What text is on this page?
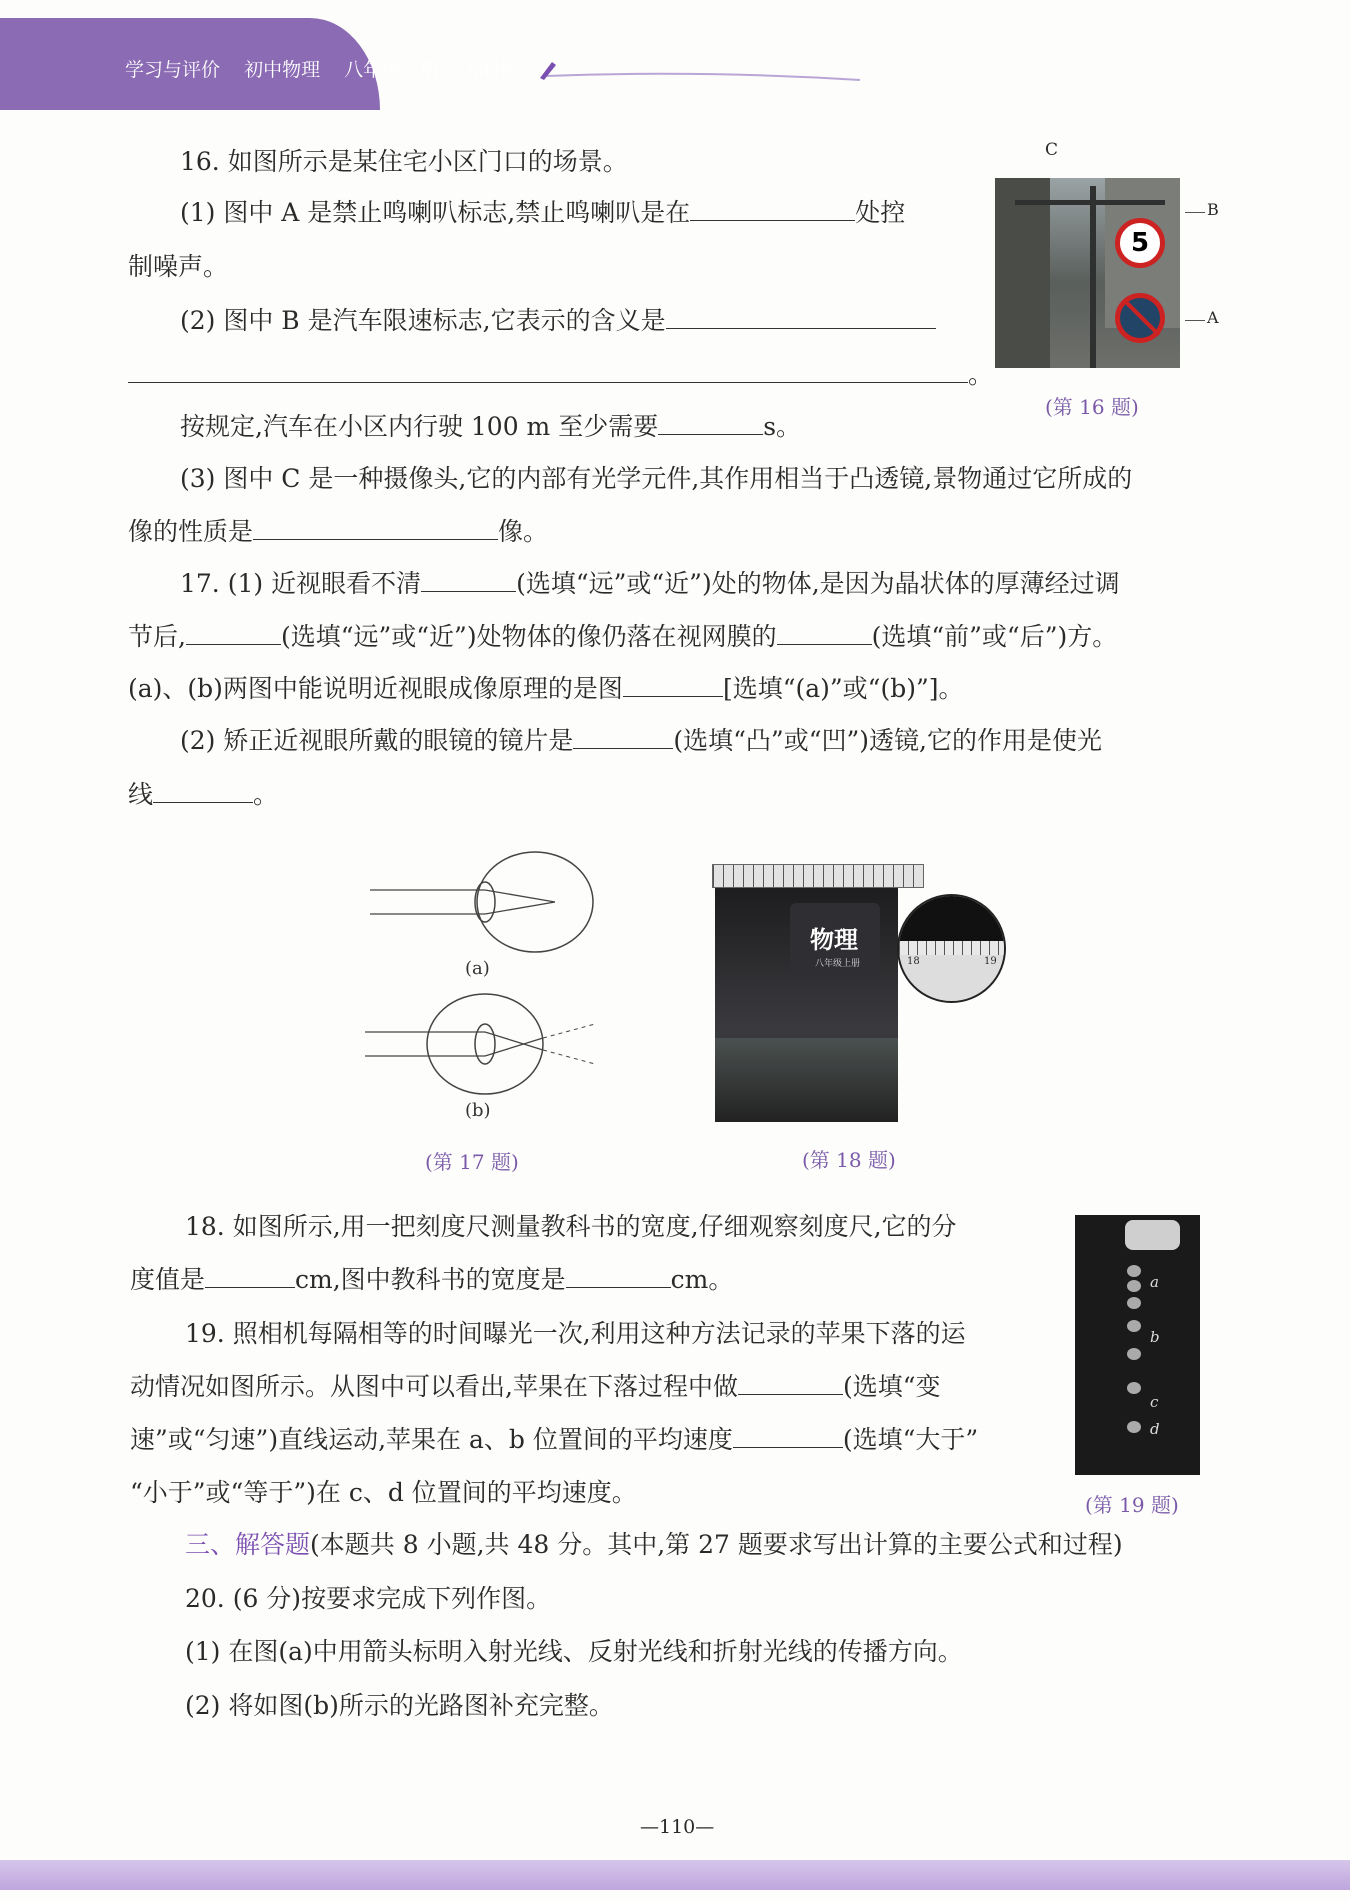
学习与评价 初中物理 八年级上册 苏科版
16. 如图所示是某住宅小区门口的场景。
(1) 图中 A 是禁止鸣喇叭标志,禁止鸣喇叭是在	处控
制噪声。
(2) 图中 B 是汽车限速标志,它表示的含义是
。
按规定,汽车在小区内行驶 100 m 至少需要	s。
(3) 图中 C 是一种摄像头,它的内部有光学元件,其作用相当于凸透镜,景物通过它所成的
像的性质是	像。
C
5
B
A
(第 16 题)
17. (1) 近视眼看不清	(选填“远”或“近”)处的物体,是因为晶状体的厚薄经过调
节后,	(选填“远”或“近”)处物体的像仍落在视网膜的	(选填“前”或“后”)方。
(a)、(b)两图中能说明近视眼成像原理的是图	[选填“(a)”或“(b)”]。
(2) 矫正近视眼所戴的眼镜的镜片是	(选填“凸”或“凹”)透镜,它的作用是使光
线	。
(a)
(b)
(第 17 题)
物理
八年级上册	18	19
(第 18 题)
18. 如图所示,用一把刻度尺测量教科书的宽度,仔细观察刻度尺,它的分
度值是	cm,图中教科书的宽度是	cm。
19. 照相机每隔相等的时间曝光一次,利用这种方法记录的苹果下落的运
动情况如图所示。从图中可以看出,苹果在下落过程中做	(选填“变
速”或“匀速”)直线运动,苹果在 a、b 位置间的平均速度	(选填“大于”
“小于”或“等于”)在 c、d 位置间的平均速度。
a
b
c
d
(第 19 题)
三、解答题(本题共 8 小题,共 48 分。其中,第 27 题要求写出计算的主要公式和过程)
20. (6 分)按要求完成下列作图。
(1) 在图(a)中用箭头标明入射光线、反射光线和折射光线的传播方向。
(2) 将如图(b)所示的光路图补充完整。
—110—
